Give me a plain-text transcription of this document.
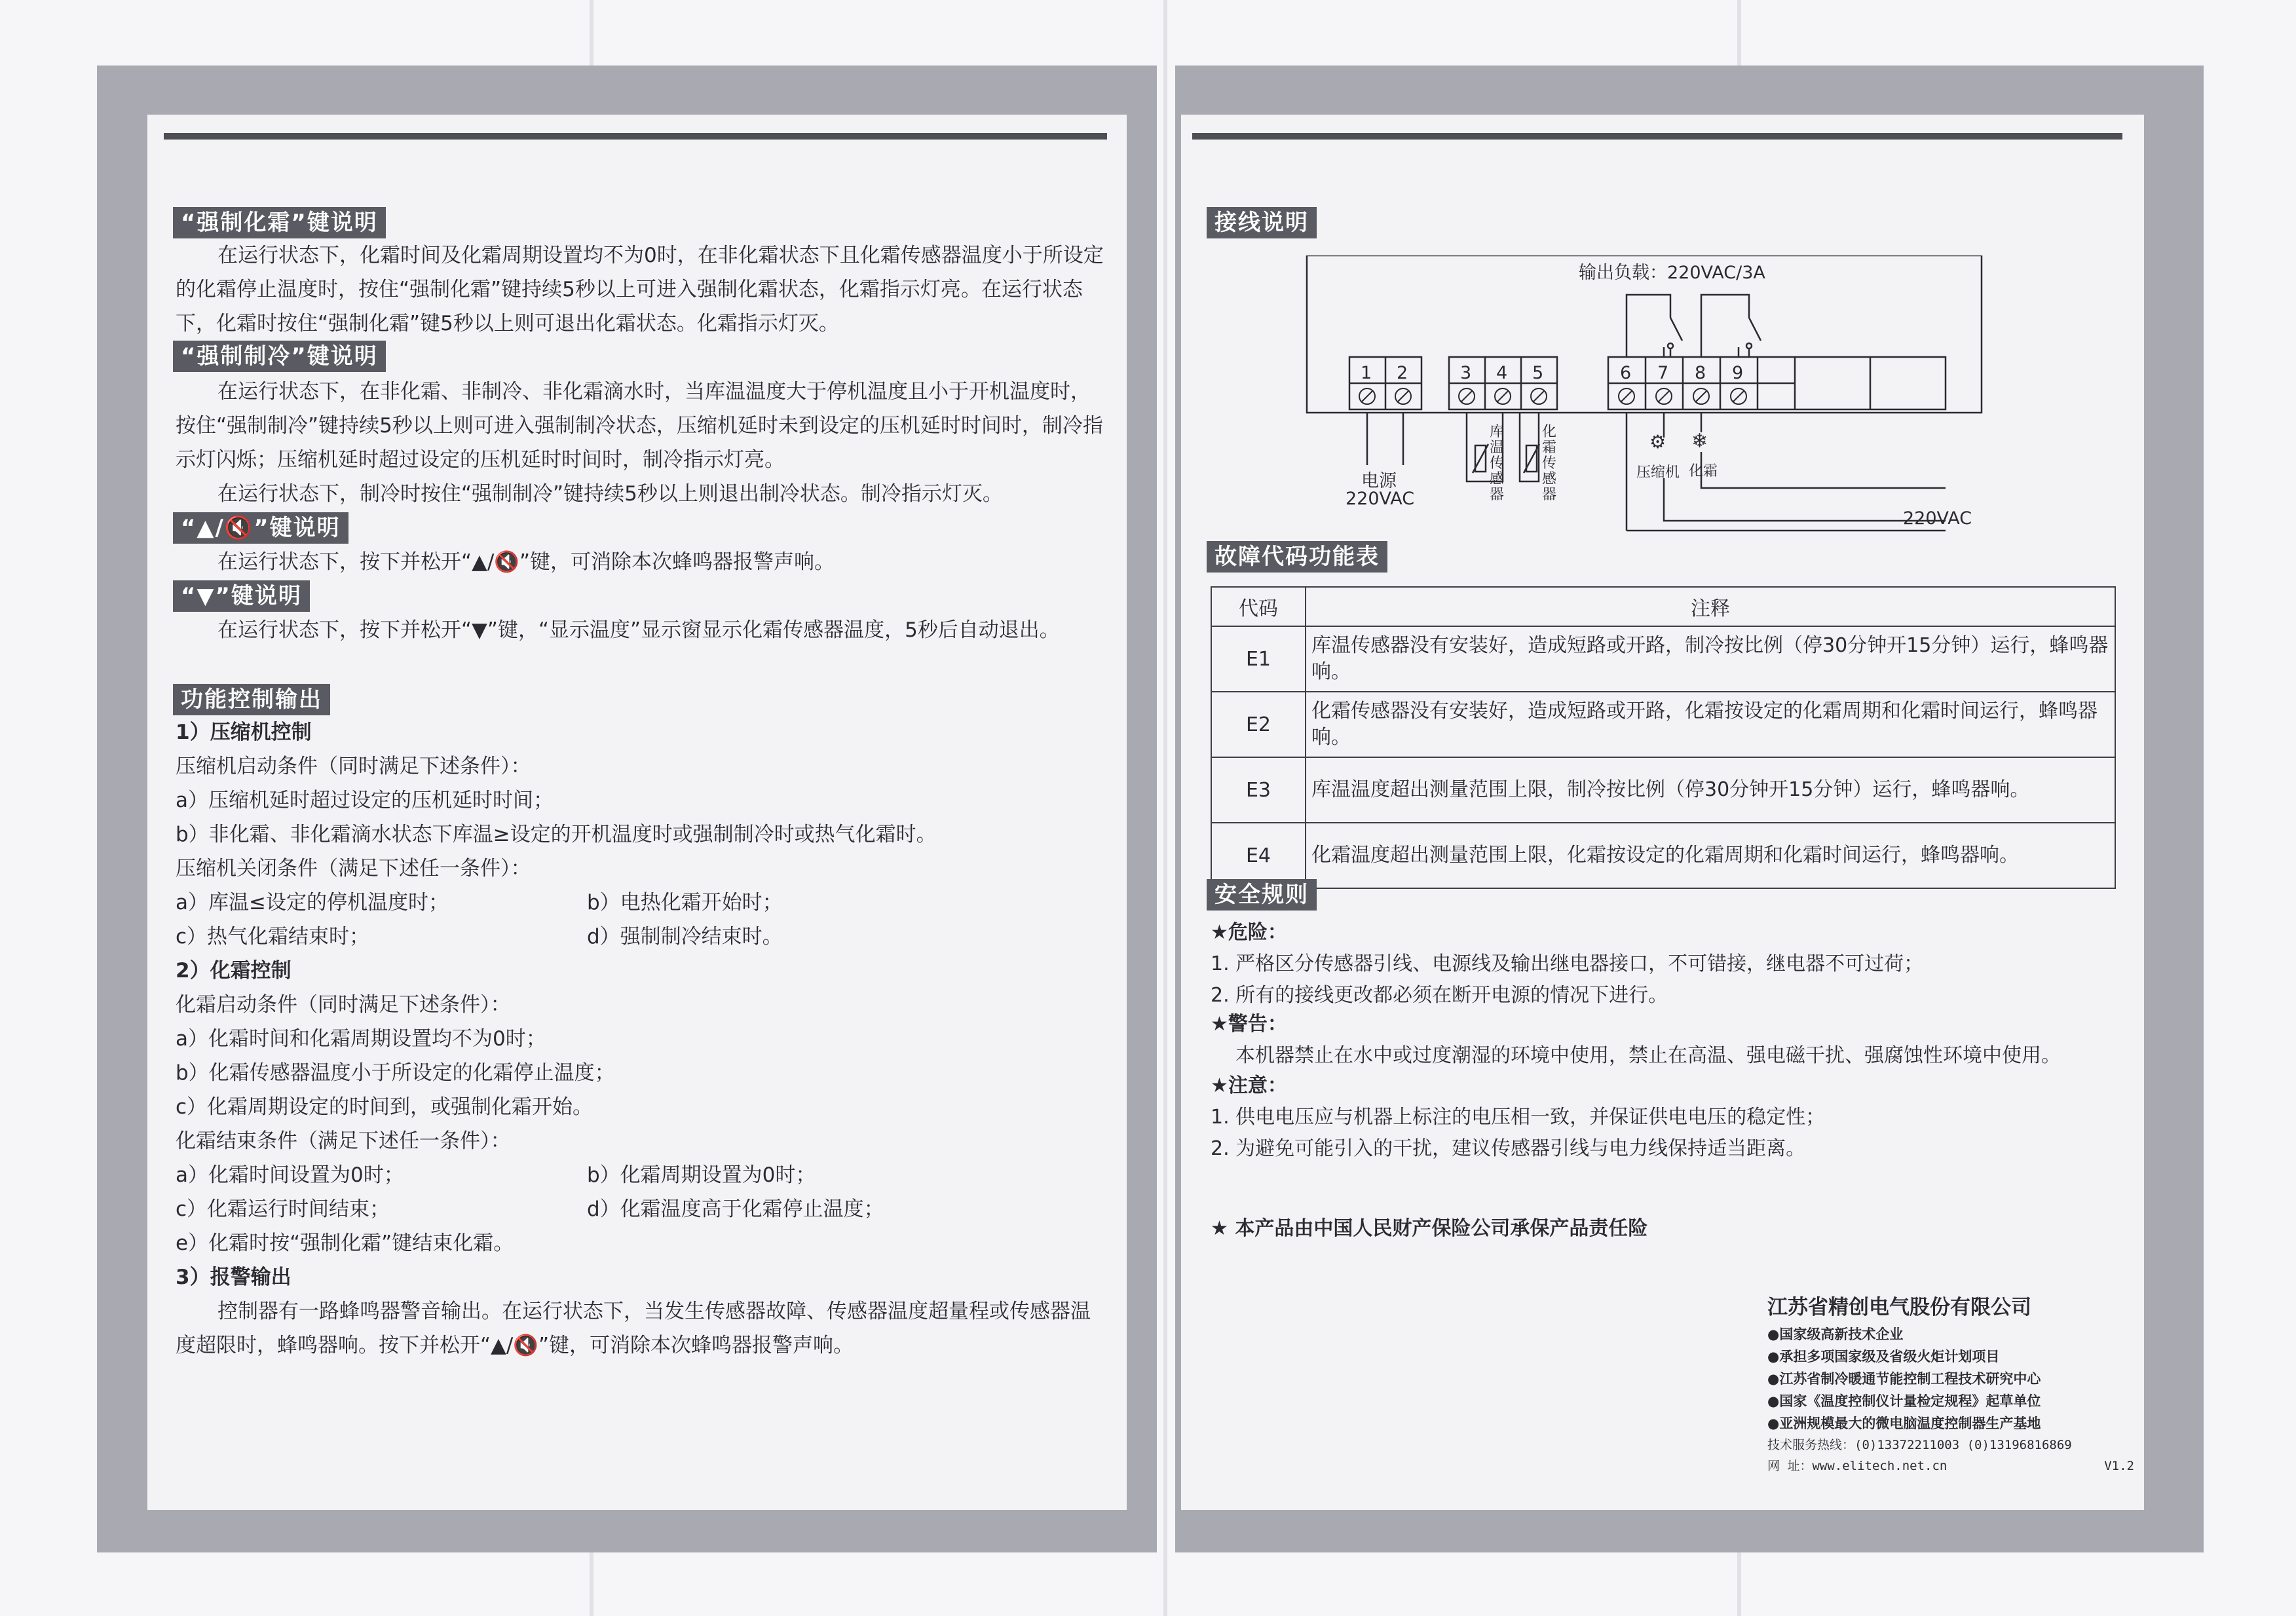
“强制化霜”键说明
在运行状态下，化霜时间及化霜周期设置均不为0时，在非化霜状态下且化霜传感器温度小于所设定的化霜停止温度时，按住“强制化霜”键持续5秒以上可进入强制化霜状态，化霜指示灯亮。在运行状态下，化霜时按住“强制化霜”键5秒以上则可退出化霜状态。化霜指示灯灭。
“强制制冷”键说明
在运行状态下，在非化霜、非制冷、非化霜滴水时，当库温温度大于停机温度且小于开机温度时，按住“强制制冷”键持续5秒以上则可进入强制制冷状态，压缩机延时未到设定的压机延时时间时，制冷指示灯闪烁；压缩机延时超过设定的压机延时时间时，制冷指示灯亮。
在运行状态下，制冷时按住“强制制冷”键持续5秒以上则退出制冷状态。制冷指示灯灭。
“▲/🔇”键说明
在运行状态下，按下并松开“▲/🔇”键，可消除本次蜂鸣器报警声响。
“▼”键说明
在运行状态下，按下并松开“▼”键，“显示温度”显示窗显示化霜传感器温度，5秒后自动退出。
功能控制输出
1）压缩机控制
压缩机启动条件（同时满足下述条件）：
a）压缩机延时超过设定的压机延时时间；
b）非化霜、非化霜滴水状态下库温≥设定的开机温度时或强制制冷时或热气化霜时。
压缩机关闭条件（满足下述任一条件）：
a）库温≤设定的停机温度时；	b）电热化霜开始时；
c）热气化霜结束时；	d）强制制冷结束时。
2）化霜控制
化霜启动条件（同时满足下述条件）：
a）化霜时间和化霜周期设置均不为0时；
b）化霜传感器温度小于所设定的化霜停止温度；
c）化霜周期设定的时间到，或强制化霜开始。
化霜结束条件（满足下述任一条件）：
a）化霜时间设置为0时；	b）化霜周期设置为0时；
c）化霜运行时间结束；	d）化霜温度高于化霜停止温度；
e）化霜时按“强制化霜”键结束化霜。
3）报警输出
控制器有一路蜂鸣器警音输出。在运行状态下，当发生传感器故障、传感器温度超量程或传感器温度超限时，蜂鸣器响。按下并松开“▲/🔇”键，可消除本次蜂鸣器报警声响。
接线说明
输出负载：220VAC/3A
1 2	3 4 5	6 7 8 9
电源
220VAC
库温传感器
化霜传感器
⚙
压缩机
❄
化霜
220VAC
故障代码功能表
代码	注释
E1	库温传感器没有安装好，造成短路或开路，制冷按比例（停30分钟开15分钟）运行，蜂鸣器响。
E2	化霜传感器没有安装好，造成短路或开路，化霜按设定的化霜周期和化霜时间运行，蜂鸣器响。
E3	库温温度超出测量范围上限，制冷按比例（停30分钟开15分钟）运行，蜂鸣器响。
E4	化霜温度超出测量范围上限，化霜按设定的化霜周期和化霜时间运行，蜂鸣器响。
安全规则
★危险：
1. 严格区分传感器引线、电源线及输出继电器接口，不可错接，继电器不可过荷；
2. 所有的接线更改都必须在断开电源的情况下进行。
★警告：
本机器禁止在水中或过度潮湿的环境中使用，禁止在高温、强电磁干扰、强腐蚀性环境中使用。
★注意：
1. 供电电压应与机器上标注的电压相一致，并保证供电电压的稳定性；
2. 为避免可能引入的干扰，建议传感器引线与电力线保持适当距离。
★ 本产品由中国人民财产保险公司承保产品责任险
江苏省精创电气股份有限公司
●国家级高新技术企业
●承担多项国家级及省级火炬计划项目
●江苏省制冷暖通节能控制工程技术研究中心
●国家《温度控制仪计量检定规程》起草单位
●亚洲规模最大的微电脑温度控制器生产基地
技术服务热线：(0)13372211003 (0)13196816869
网 址：www.elitech.net.cn	V1.2
